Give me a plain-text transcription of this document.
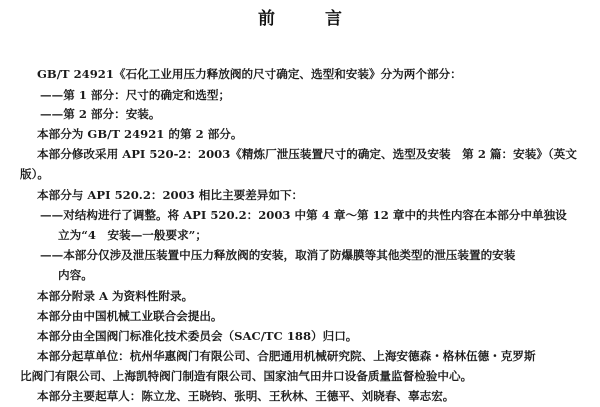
前 言
GB/T 24921《石化工业用压力释放阀的尺寸确定、选型和安装》分为两个部分：
——第 1 部分：尺寸的确定和选型；
——第 2 部分：安装。
本部分为 GB/T 24921 的第 2 部分。
本部分修改采用 API 520-2：2003《精炼厂泄压装置尺寸的确定、选型及安装　第 2 篇：安装》（英文
版）。
本部分与 API 520.2：2003 相比主要差异如下：
——对结构进行了调整。将 API 520.2：2003 中第 4 章～第 12 章中的共性内容在本部分中单独设
立为“4　安装—一般要求”；
——本部分仅涉及泄压装置中压力释放阀的安装，取消了防爆膜等其他类型的泄压装置的安装
内容。
本部分附录 A 为资料性附录。
本部分由中国机械工业联合会提出。
本部分由全国阀门标准化技术委员会（SAC/TC 188）归口。
本部分起草单位：杭州华惠阀门有限公司、合肥通用机械研究院、上海安德森・格林伍德・克罗斯
比阀门有限公司、上海凯特阀门制造有限公司、国家油气田井口设备质量监督检验中心。
本部分主要起草人：陈立龙、王晓钧、张明、王秋林、王德平、刘晓春、辜志宏。
